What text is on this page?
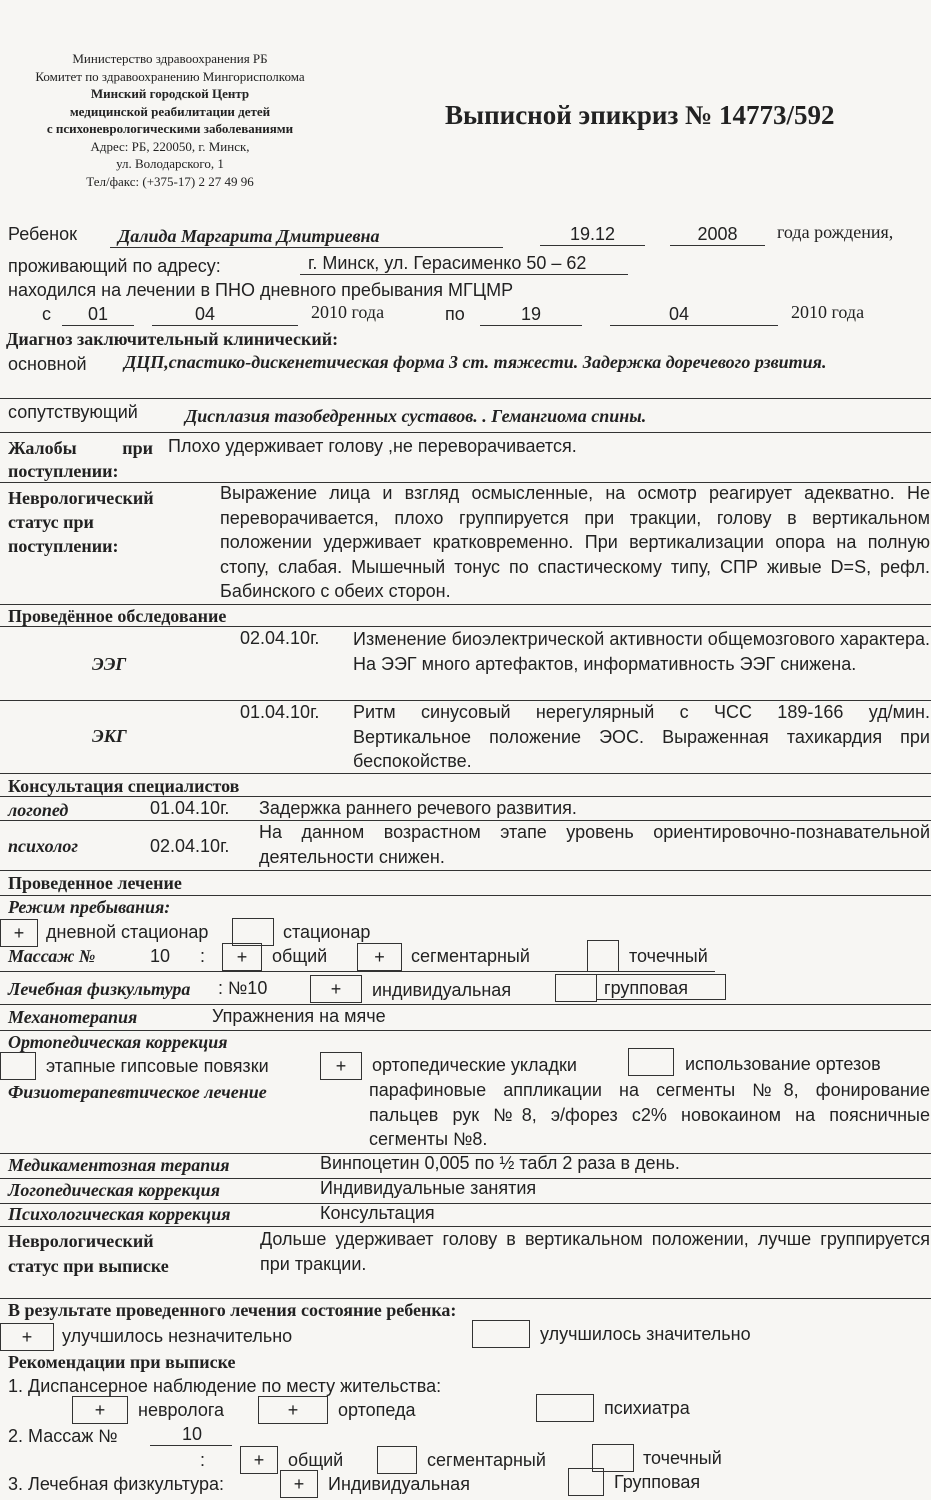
Министерство здравоохранения РБ
Комитет по здравоохранению Мингорисполкома
Минский городской Центр
медицинской реабилитации детей
с психоневрологическими заболеваниями
Адрес: РБ, 220050, г. Минск,
ул. Володарского, 1
Тел/факс: (+375-17) 2 27 49 96
Выписной эпикриз № 14773/592
Ребенок	Далида Маргарита Дмитриевна	19.12	2008	года рождения,
проживающий по адресу:	г. Минск, ул. Герасименко 50 – 62
находился на лечении в ПНО дневного пребывания МГЦМР
с	01	04	2010 года	по	19	04	2010 года
Диагноз заключительный клинический:
основной ДЦП,спастико-дискенетическая форма 3 ст. тяжести. Задержка доречевого рзвития.
сопутствующий	Дисплазия тазобедренных суставов. . Гемангиома спины.
Жалобы при поступлении:
Плохо удерживает голову ,не переворачивается.
Неврологический статус при поступлении:
Выражение лица и взгляд осмысленные, на осмотр реагирует адекватно. Не переворачивается, плохо группируется при тракции, голову в вертикальном положении удерживает кратковременно. При вертикализации опора на полную стопу, слабая. Мышечный тонус по спастическому типу, СПР живые D=S, рефл. Бабинского с обеих сторон.
Проведённое обследование
ЭЭГ
02.04.10г. Изменение биоэлектрической активности общемозгового характера. На ЭЭГ много артефактов, информативность ЭЭГ снижена.
ЭКГ
01.04.10г. Ритм синусовый нерегулярный с ЧСС 189-166 уд/мин. Вертикальное положение ЭОС. Выраженная тахикардия при беспокойстве.
Консультация специалистов
логопед	01.04.10г. Задержка раннего речевого развития.
психолог	02.04.10г.
На данном возрастном этапе уровень ориентировочно-познавательной деятельности снижен.
Проведенное лечение
Режим пребывания:
+	дневной стационар	стационар
Массаж №	10 :	+	общий	+	сегментарный	точечный
Лечебная физкультура : №10	+	индивидуальная	групповая
Механотерапия	Упражнения на мяче
Ортопедическая коррекция
этапные гипсовые повязки	+	ортопедические укладки	использование ортезов
Физиотерапевтическое лечение	парафиновые аппликации на сегменты №8, фонирование пальцев рук №8, э/форез с2% новокаином на поясничные сегменты №8.
Медикаментозная терапия	Винпоцетин 0,005 по ½ табл 2 раза в день.
Логопедическая коррекция	Индивидуальные занятия
Психологическая коррекция	Консультация
Неврологический статус при выписке
Дольше удерживает голову в вертикальном положении, лучше группируется при тракции.
В результате проведенного лечения состояние ребенка:
+	улучшилось незначительно	улучшилось значительно
Рекомендации при выписке
1. Диспансерное наблюдение по месту жительства:
+	невролога	+	ортопеда	психиатра
2. Массаж №	10
:	+	общий	сегментарный	точечный
3. Лечебная физкультура:	+	Индивидуальная	Групповая
